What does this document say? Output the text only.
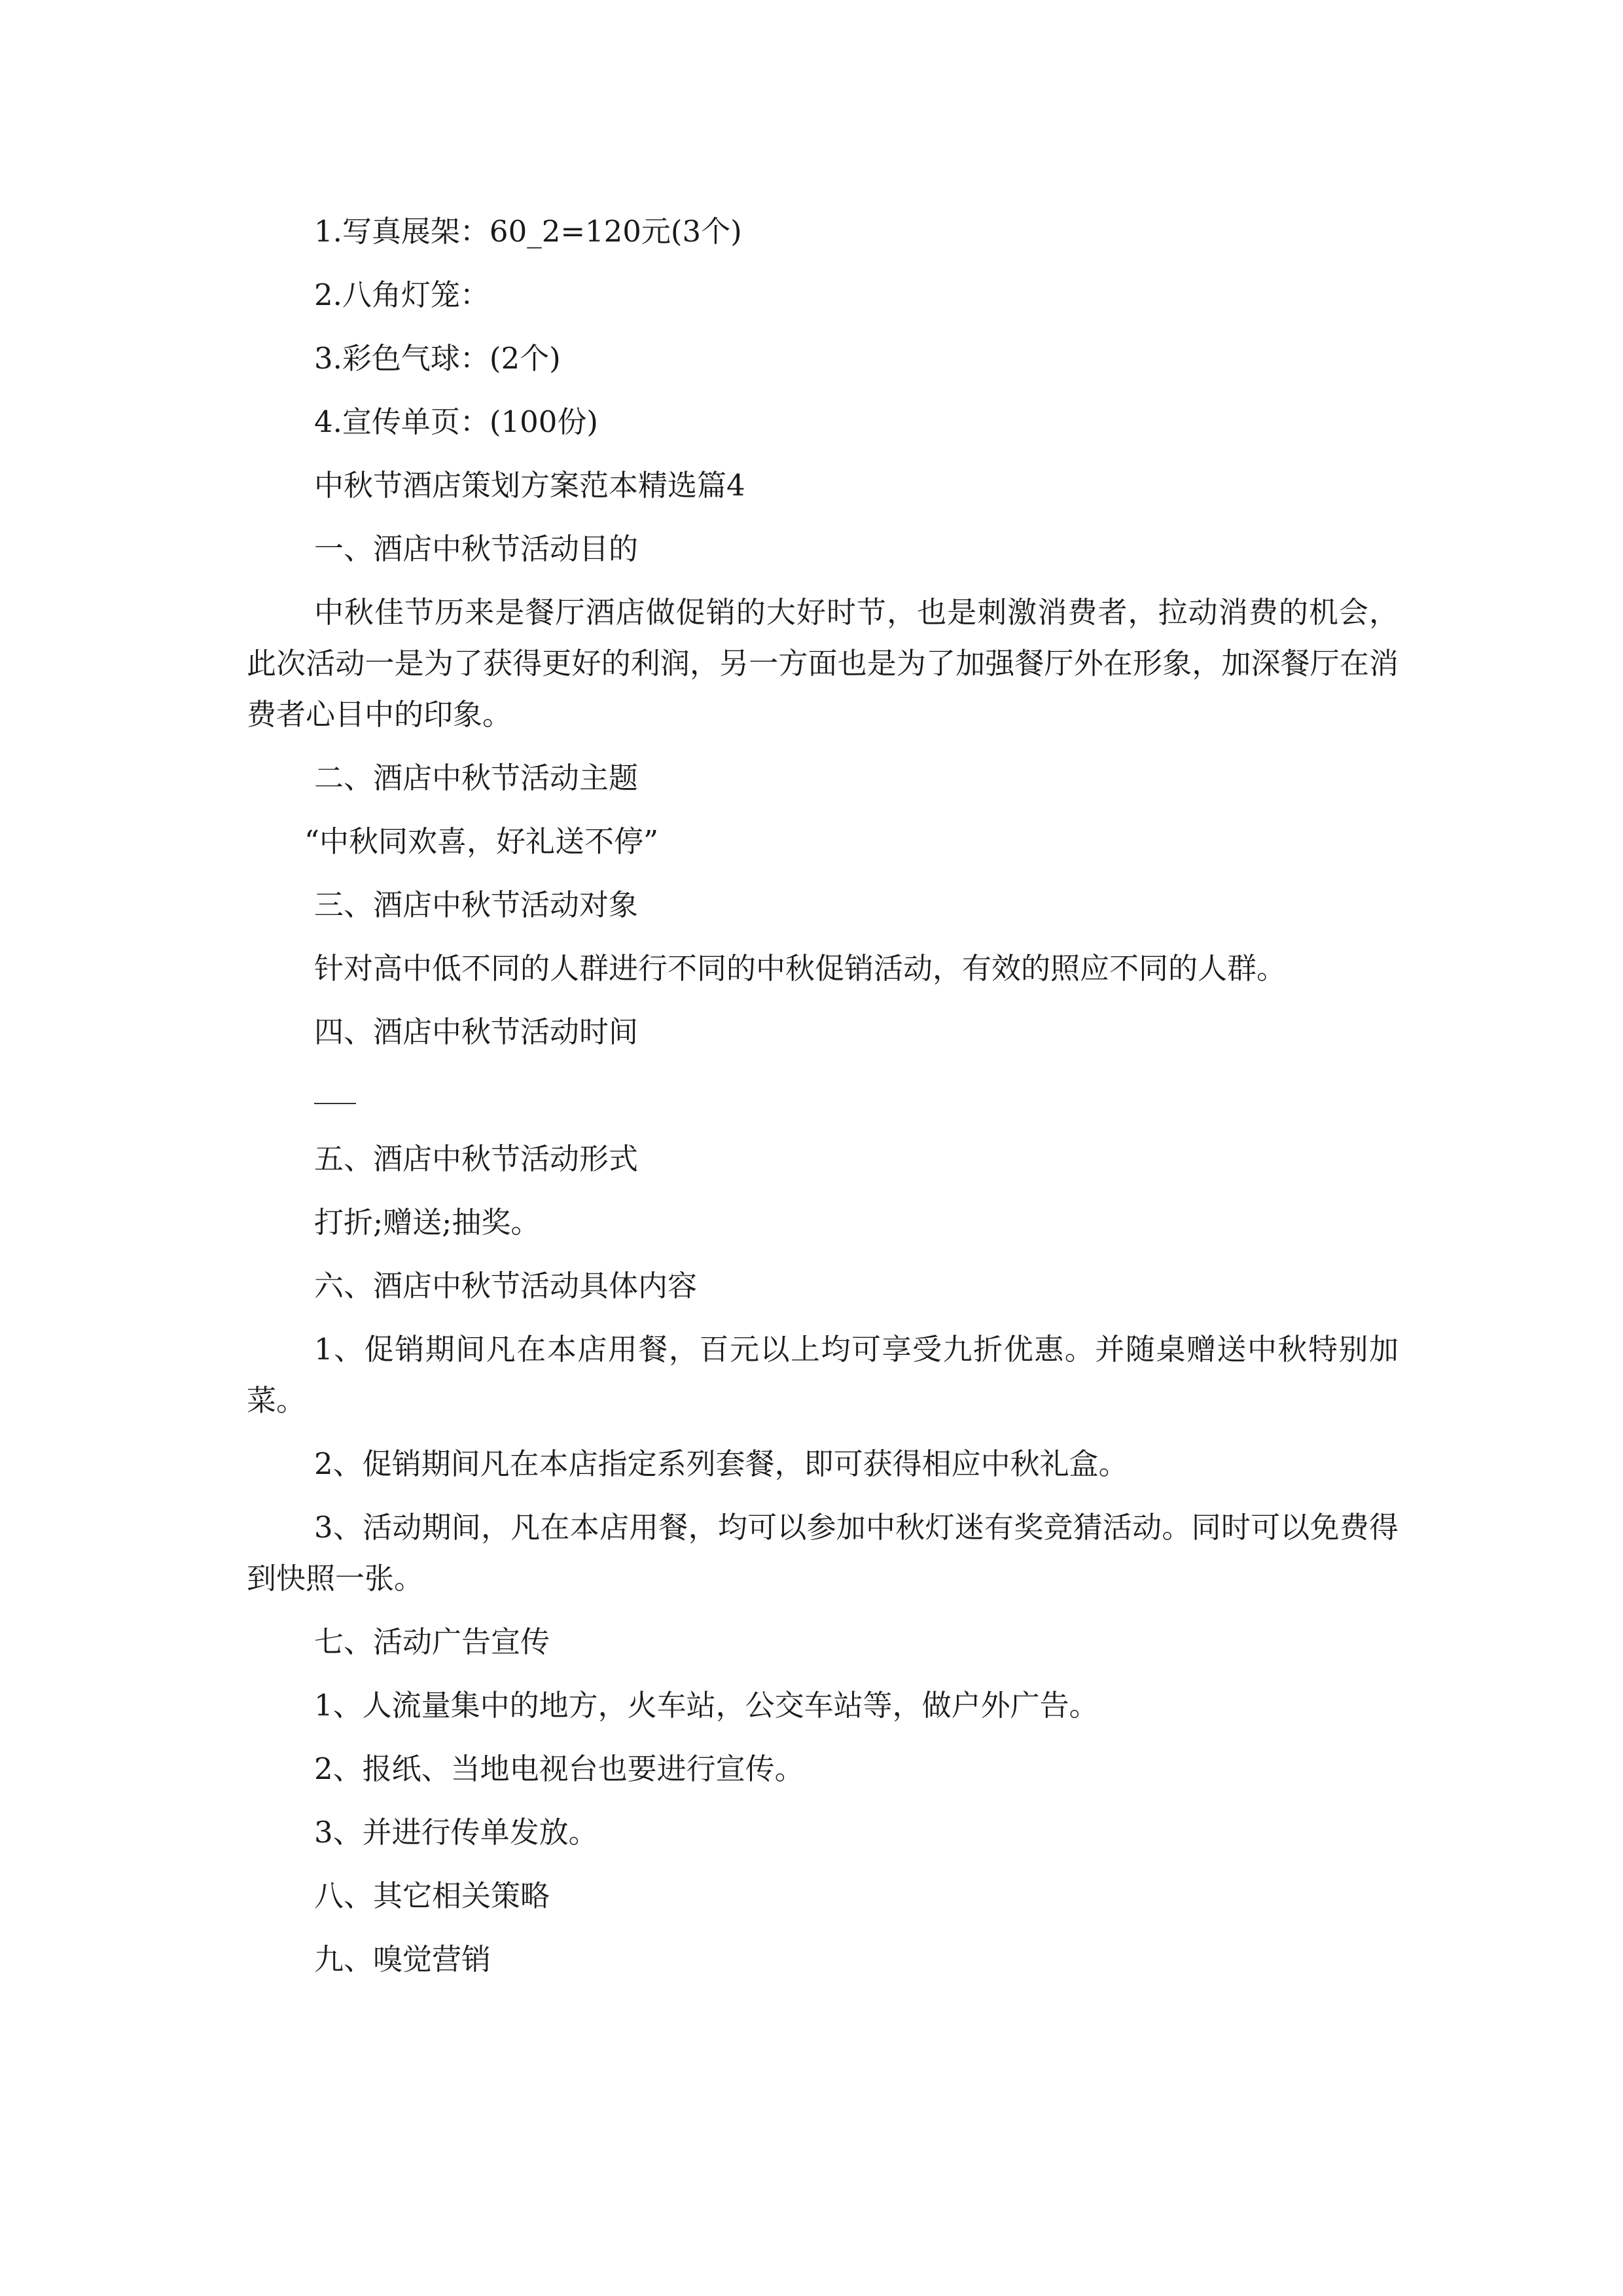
1.写真展架：60_2=120元(3个)

2.八角灯笼：

3.彩色气球：(2个)

4.宣传单页：(100份)

中秋节酒店策划方案范本精选篇4

一、酒店中秋节活动目的

中秋佳节历来是餐厅酒店做促销的大好时节，也是刺激消费者，拉动消费的机会，此次活动一是为了获得更好的利润，另一方面也是为了加强餐厅外在形象，加深餐厅在消费者心目中的印象。

二、酒店中秋节活动主题

“中秋同欢喜，好礼送不停”

三、酒店中秋节活动对象

针对高中低不同的人群进行不同的中秋促销活动，有效的照应不同的人群。

四、酒店中秋节活动时间

五、酒店中秋节活动形式

打折;赠送;抽奖。

六、酒店中秋节活动具体内容

1、促销期间凡在本店用餐，百元以上均可享受九折优惠。并随桌赠送中秋特别加菜。

2、促销期间凡在本店指定系列套餐，即可获得相应中秋礼盒。

3、活动期间，凡在本店用餐，均可以参加中秋灯迷有奖竞猜活动。同时可以免费得到快照一张。

七、活动广告宣传

1、人流量集中的地方，火车站，公交车站等，做户外广告。

2、报纸、当地电视台也要进行宣传。

3、并进行传单发放。

八、其它相关策略

九、嗅觉营销
